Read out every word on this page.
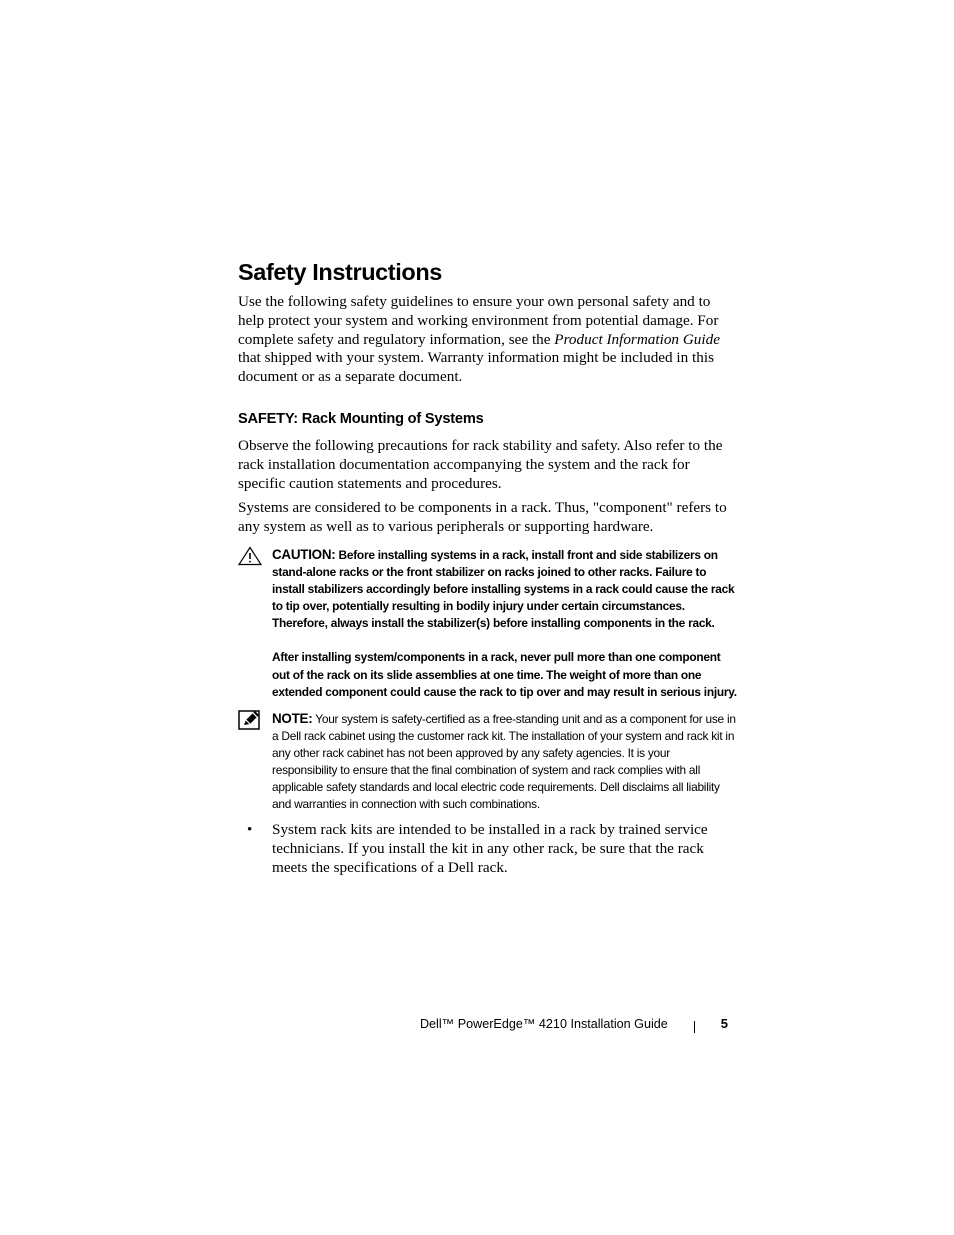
Safety Instructions

Use the following safety guidelines to ensure your own personal safety and to help protect your system and working environment from potential damage. For complete safety and regulatory information, see the Product Information Guide that shipped with your system. Warranty information might be included in this document or as a separate document.

SAFETY: Rack Mounting of Systems

Observe the following precautions for rack stability and safety. Also refer to the rack installation documentation accompanying the system and the rack for specific caution statements and procedures.

Systems are considered to be components in a rack. Thus, "component" refers to any system as well as to various peripherals or supporting hardware.

CAUTION: Before installing systems in a rack, install front and side stabilizers on stand-alone racks or the front stabilizer on racks joined to other racks. Failure to install stabilizers accordingly before installing systems in a rack could cause the rack to tip over, potentially resulting in bodily injury under certain circumstances. Therefore, always install the stabilizer(s) before installing components in the rack.

After installing system/components in a rack, never pull more than one component out of the rack on its slide assemblies at one time. The weight of more than one extended component could cause the rack to tip over and may result in serious injury.

NOTE: Your system is safety-certified as a free-standing unit and as a component for use in a Dell rack cabinet using the customer rack kit. The installation of your system and rack kit in any other rack cabinet has not been approved by any safety agencies. It is your responsibility to ensure that the final combination of system and rack complies with all applicable safety standards and local electric code requirements. Dell disclaims all liability and warranties in connection with such combinations.

• System rack kits are intended to be installed in a rack by trained service technicians. If you install the kit in any other rack, be sure that the rack meets the specifications of a Dell rack.

Dell™ PowerEdge™ 4210 Installation Guide	5
